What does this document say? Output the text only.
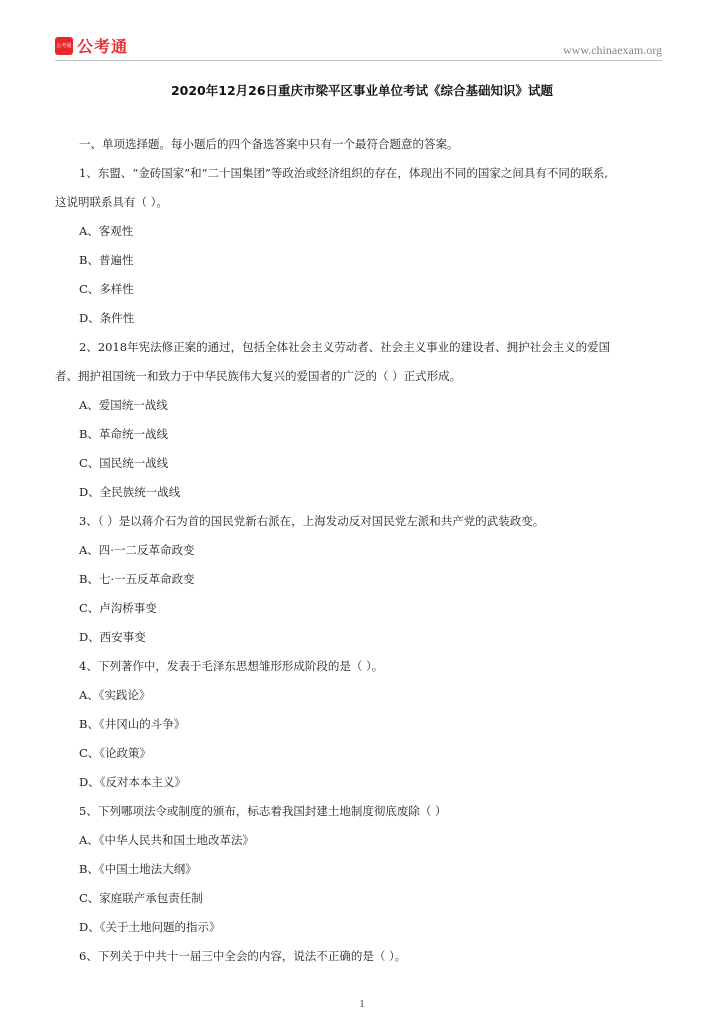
公考通 公考通	www.chinaexam.org
2020年12月26日重庆市梁平区事业单位考试《综合基础知识》试题
一、单项选择题。每小题后的四个备选答案中只有一个最符合题意的答案。
1、东盟、“金砖国家”和“二十国集团”等政治或经济组织的存在，体现出不同的国家之间具有不同的联系,
这说明联系具有（ ）。
A、客观性
B、普遍性
C、多样性
D、条件性
2、2018年宪法修正案的通过，包括全体社会主义劳动者、社会主义事业的建设者、拥护社会主义的爱国
者、拥护祖国统一和致力于中华民族伟大复兴的爱国者的广泛的（ ）正式形成。
A、爱国统一战线
B、革命统一战线
C、国民统一战线
D、全民族统一战线
3、（ ）是以蒋介石为首的国民党新右派在，上海发动反对国民党左派和共产党的武装政变。
A、四·一二反革命政变
B、七·一五反革命政变
C、卢沟桥事变
D、西安事变
4、下列著作中，发表于毛泽东思想雏形形成阶段的是（ ）。
A、《实践论》
B、《井冈山的斗争》
C、《论政策》
D、《反对本本主义》
5、下列哪项法令或制度的颁布，标志着我国封建土地制度彻底废除（ ）
A、《中华人民共和国土地改革法》
B、《中国土地法大纲》
C、家庭联产承包责任制
D、《关于土地问题的指示》
6、下列关于中共十一届三中全会的内容，说法不正确的是（ ）。
1
